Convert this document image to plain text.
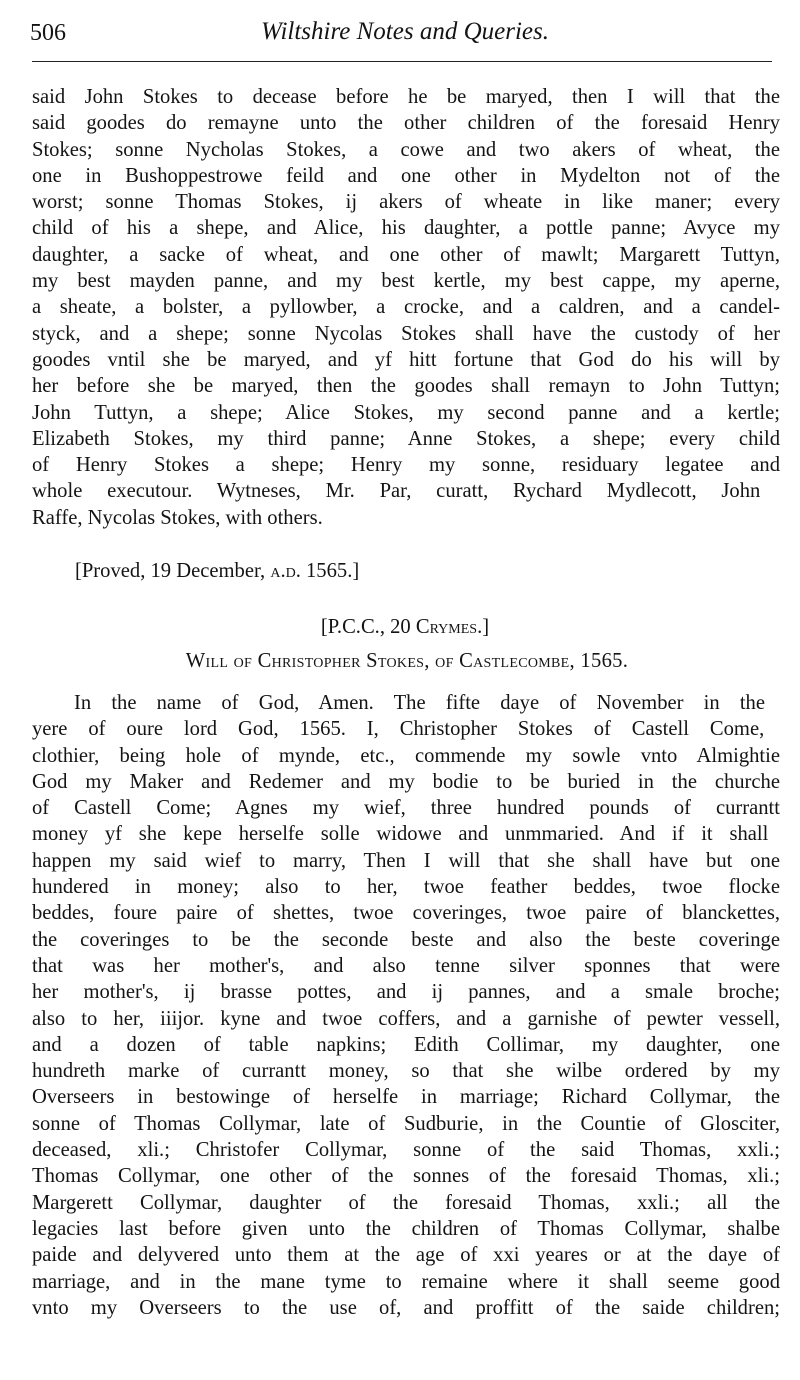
506	Wiltshire Notes and Queries.
said John Stokes to decease before he be maryed, then I will that the
said goodes do remayne unto the other children of the foresaid Henry
Stokes; sonne Nycholas Stokes, a cowe and two akers of wheat, the
one in Bushoppestrowe feild and one other in Mydelton not of the
worst; sonne Thomas Stokes, ij akers of wheate in like maner; every
child of his a shepe, and Alice, his daughter, a pottle panne; Avyce my
daughter, a sacke of wheat, and one other of mawlt; Margarett Tuttyn,
my best mayden panne, and my best kertle, my best cappe, my aperne,
a sheate, a bolster, a pyllowber, a crocke, and a caldren, and a candel-
styck, and a shepe; sonne Nycolas Stokes shall have the custody of her
goodes vntil she be maryed, and yf hitt fortune that God do his will by
her before she be maryed, then the goodes shall remayn to John Tuttyn;
John Tuttyn, a shepe; Alice Stokes, my second panne and a kertle;
Elizabeth Stokes, my third panne; Anne Stokes, a shepe; every child
of Henry Stokes a shepe; Henry my sonne, residuary legatee and
whole executour. Wytneses, Mr. Par, curatt, Rychard Mydlecott, John
Raffe, Nycolas Stokes, with others.
[Proved, 19 December, a.d. 1565.]
[P.C.C., 20 Crymes.]
Will of Christopher Stokes, of Castlecombe, 1565.
In the name of God, Amen. The fifte daye of November in the
yere of oure lord God, 1565. I, Christopher Stokes of Castell Come,
clothier, being hole of mynde, etc., commende my sowle vnto Almightie
God my Maker and Redemer and my bodie to be buried in the churche
of Castell Come; Agnes my wief, three hundred pounds of currantt
money yf she kepe herselfe solle widowe and unmmaried. And if it shall
happen my said wief to marry, Then I will that she shall have but one
hundered in money; also to her, twoe feather beddes, twoe flocke
beddes, foure paire of shettes, twoe coveringes, twoe paire of blanckettes,
the coveringes to be the seconde beste and also the beste coveringe
that was her mother's, and also tenne silver sponnes that were
her mother's, ij brasse pottes, and ij pannes, and a smale broche;
also to her, iiijor. kyne and twoe coffers, and a garnishe of pewter vessell,
and a dozen of table napkins; Edith Collimar, my daughter, one
hundreth marke of currantt money, so that she wilbe ordered by my
Overseers in bestowinge of herselfe in marriage; Richard Collymar, the
sonne of Thomas Collymar, late of Sudburie, in the Countie of Glosciter,
deceased, xli.; Christofer Collymar, sonne of the said Thomas, xxli.;
Thomas Collymar, one other of the sonnes of the foresaid Thomas, xli.;
Margerett Collymar, daughter of the foresaid Thomas, xxli.; all the
legacies last before given unto the children of Thomas Collymar, shalbe
paide and delyvered unto them at the age of xxi yeares or at the daye of
marriage, and in the mane tyme to remaine where it shall seeme good
vnto my Overseers to the use of, and proffitt of the saide children;
